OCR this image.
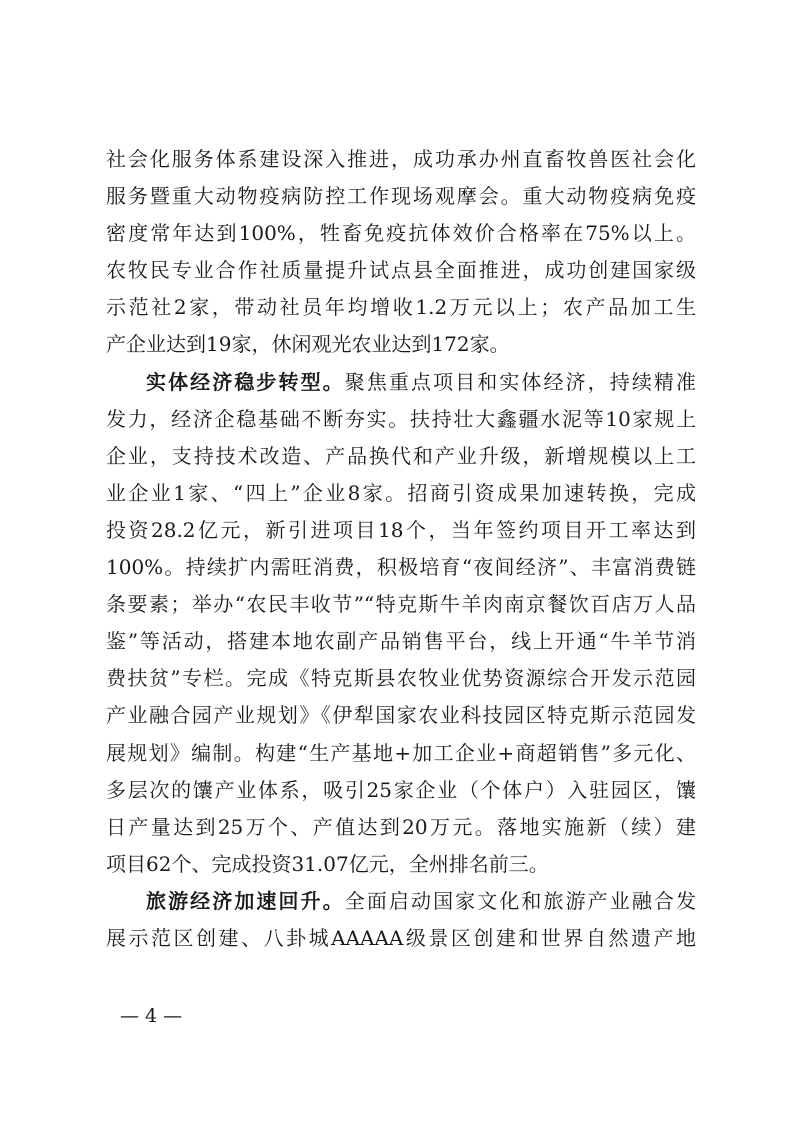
社会化服务体系建设深入推进，成功承办州直畜牧兽医社会化
服务暨重大动物疫病防控工作现场观摩会。重大动物疫病免疫
密度常年达到100%，牲畜免疫抗体效价合格率在75%以上。
农牧民专业合作社质量提升试点县全面推进，成功创建国家级
示范社2家，带动社员年均增收1.2万元以上；农产品加工生
产企业达到19家，休闲观光农业达到172家。
实体经济稳步转型。聚焦重点项目和实体经济，持续精准
发力，经济企稳基础不断夯实。扶持壮大鑫疆水泥等10家规上
企业，支持技术改造、产品换代和产业升级，新增规模以上工
业企业1家、“四上”企业8家。招商引资成果加速转换，完成
投资28.2亿元，新引进项目18个，当年签约项目开工率达到
100%。持续扩内需旺消费，积极培育“夜间经济”、丰富消费链
条要素；举办“农民丰收节”“特克斯牛羊肉南京餐饮百店万人品
鉴”等活动，搭建本地农副产品销售平台，线上开通“牛羊节消
费扶贫”专栏。完成《特克斯县农牧业优势资源综合开发示范园
产业融合园产业规划》《伊犁国家农业科技园区特克斯示范园发
展规划》编制。构建“生产基地+加工企业+商超销售”多元化、
多层次的馕产业体系，吸引25家企业（个体户）入驻园区，馕
日产量达到25万个、产值达到20万元。落地实施新（续）建
项目62个、完成投资31.07亿元，全州排名前三。
旅游经济加速回升。全面启动国家文化和旅游产业融合发
展示范区创建、八卦城AAAAA级景区创建和世界自然遗产地
— 4 —
